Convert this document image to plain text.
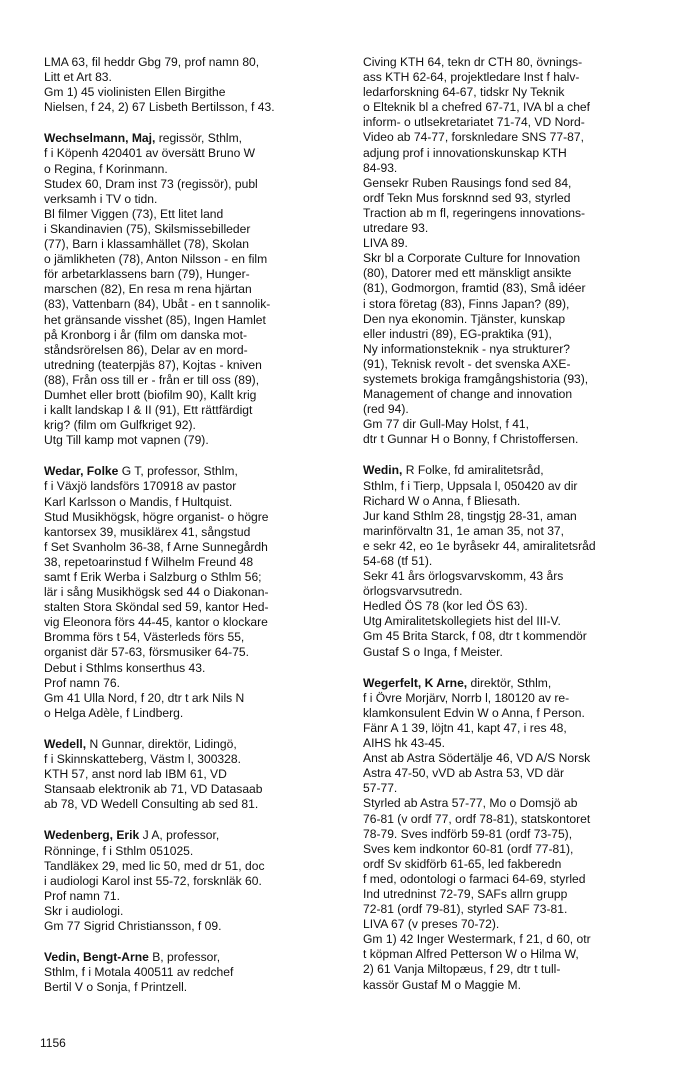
LMA 63, fil heddr Gbg 79, prof namn 80,
Litt et Art 83.
Gm 1) 45 violinisten Ellen Birgithe
Nielsen, f 24, 2) 67 Lisbeth Bertilsson, f 43.
Wechselmann, Maj, regissör, Sthlm,
f i Köpenh 420401 av översätt Bruno W
o Regina, f Korinmann.
Studex 60, Dram inst 73 (regissör), publ
verksamh i TV o tidn.
Bl filmer Viggen (73), Ett litet land
i Skandinavien (75), Skilsmissebilleder
(77), Barn i klassamhället (78), Skolan
o jämlikheten (78), Anton Nilsson - en film
för arbetarklassens barn (79), Hunger-
marschen (82), En resa m rena hjärtan
(83), Vattenbarn (84), Ubåt - en t sannolik-
het gränsande visshet (85), Ingen Hamlet
på Kronborg i år (film om danska mot-
ståndsrörelsen 86), Delar av en mord-
utredning (teaterpjäs 87), Kojtas - kniven
(88), Från oss till er - från er till oss (89),
Dumhet eller brott (biofilm 90), Kallt krig
i kallt landskap I & II (91), Ett rättfärdigt
krig? (film om Gulfkriget 92).
Utg Till kamp mot vapnen (79).
Wedar, Folke G T, professor, Sthlm,
f i Växjö landsförs 170918 av pastor
Karl Karlsson o Mandis, f Hultquist.
Stud Musikhögsk, högre organist- o högre
kantorsex 39, musiklärex 41, sångstud
f Set Svanholm 36-38, f Arne Sunnegårdh
38, repetoarinstud f Wilhelm Freund 48
samt f Erik Werba i Salzburg o Sthlm 56;
lär i sång Musikhögsk sed 44 o Diakonan-
stalten Stora Sköndal sed 59, kantor Hed-
vig Eleonora förs 44-45, kantor o klockare
Bromma förs t 54, Västerleds förs 55,
organist där 57-63, försmusiker 64-75.
Debut i Sthlms konserthus 43.
Prof namn 76.
Gm 41 Ulla Nord, f 20, dtr t ark Nils N
o Helga Adèle, f Lindberg.
Wedell, N Gunnar, direktör, Lidingö,
f i Skinnskatteberg, Västm l, 300328.
KTH 57, anst nord lab IBM 61, VD
Stansaab elektronik ab 71, VD Datasaab
ab 78, VD Wedell Consulting ab sed 81.
Wedenberg, Erik J A, professor,
Rönninge, f i Sthlm 051025.
Tandläkex 29, med lic 50, med dr 51, doc
i audiologi Karol inst 55-72, forsknläk 60.
Prof namn 71.
Skr i audiologi.
Gm 77 Sigrid Christiansson, f 09.
Vedin, Bengt-Arne B, professor,
Sthlm, f i Motala 400511 av redchef
Bertil V o Sonja, f Printzell.
Civing KTH 64, tekn dr CTH 80, övnings-
ass KTH 62-64, projektledare Inst f halv-
ledarforskning 64-67, tidskr Ny Teknik
o Elteknik bl a chefred 67-71, IVA bl a chef
inform- o utlsekretariatet 71-74, VD Nord-
Video ab 74-77, forsknledare SNS 77-87,
adjung prof i innovationskunskap KTH
84-93.
Gensekr Ruben Rausings fond sed 84,
ordf Tekn Mus forsknnd sed 93, styrled
Traction ab m fl, regeringens innovations-
utredare 93.
LIVA 89.
Skr bl a Corporate Culture for Innovation
(80), Datorer med ett mänskligt ansikte
(81), Godmorgon, framtid (83), Små idéer
i stora företag (83), Finns Japan? (89),
Den nya ekonomin. Tjänster, kunskap
eller industri (89), EG-praktika (91),
Ny informationsteknik - nya strukturer?
(91), Teknisk revolt - det svenska AXE-
systemets brokiga framgångshistoria (93),
Management of change and innovation
(red 94).
Gm 77 dir Gull-May Holst, f 41,
dtr t Gunnar H o Bonny, f Christoffersen.
Wedin, R Folke, fd amiralitetsråd,
Sthlm, f i Tierp, Uppsala l, 050420 av dir
Richard W o Anna, f Bliesath.
Jur kand Sthlm 28, tingstjg 28-31, aman
marinförvaltn 31, 1e aman 35, not 37,
e sekr 42, eo 1e byråsekr 44, amiralitetsråd
54-68 (tf 51).
Sekr 41 års örlogsvarvskomm, 43 års
örlogsvarvsutredn.
Hedled ÖS 78 (kor led ÖS 63).
Utg Amiralitetskollegiets hist del III-V.
Gm 45 Brita Starck, f 08, dtr t kommendör
Gustaf S o Inga, f Meister.
Wegerfelt, K Arne, direktör, Sthlm,
f i Övre Morjärv, Norrb l, 180120 av re-
klamkonsulent Edvin W o Anna, f Person.
Fänr A 1 39, löjtn 41, kapt 47, i res 48,
AIHS hk 43-45.
Anst ab Astra Södertälje 46, VD A/S Norsk
Astra 47-50, vVD ab Astra 53, VD där
57-77.
Styrled ab Astra 57-77, Mo o Domsjö ab
76-81 (v ordf 77, ordf 78-81), statskontoret
78-79. Sves indförb 59-81 (ordf 73-75),
Sves kem indkontor 60-81 (ordf 77-81),
ordf Sv skidförb 61-65, led fakberedn
f med, odontologi o farmaci 64-69, styrled
Ind utredninst 72-79, SAFs allrn grupp
72-81 (ordf 79-81), styrled SAF 73-81.
LIVA 67 (v preses 70-72).
Gm 1) 42 Inger Westermark, f 21, d 60, otr
t köpman Alfred Petterson W o Hilma W,
2) 61 Vanja Miltopæus, f 29, dtr t tull-
kassör Gustaf M o Maggie M.
1156
